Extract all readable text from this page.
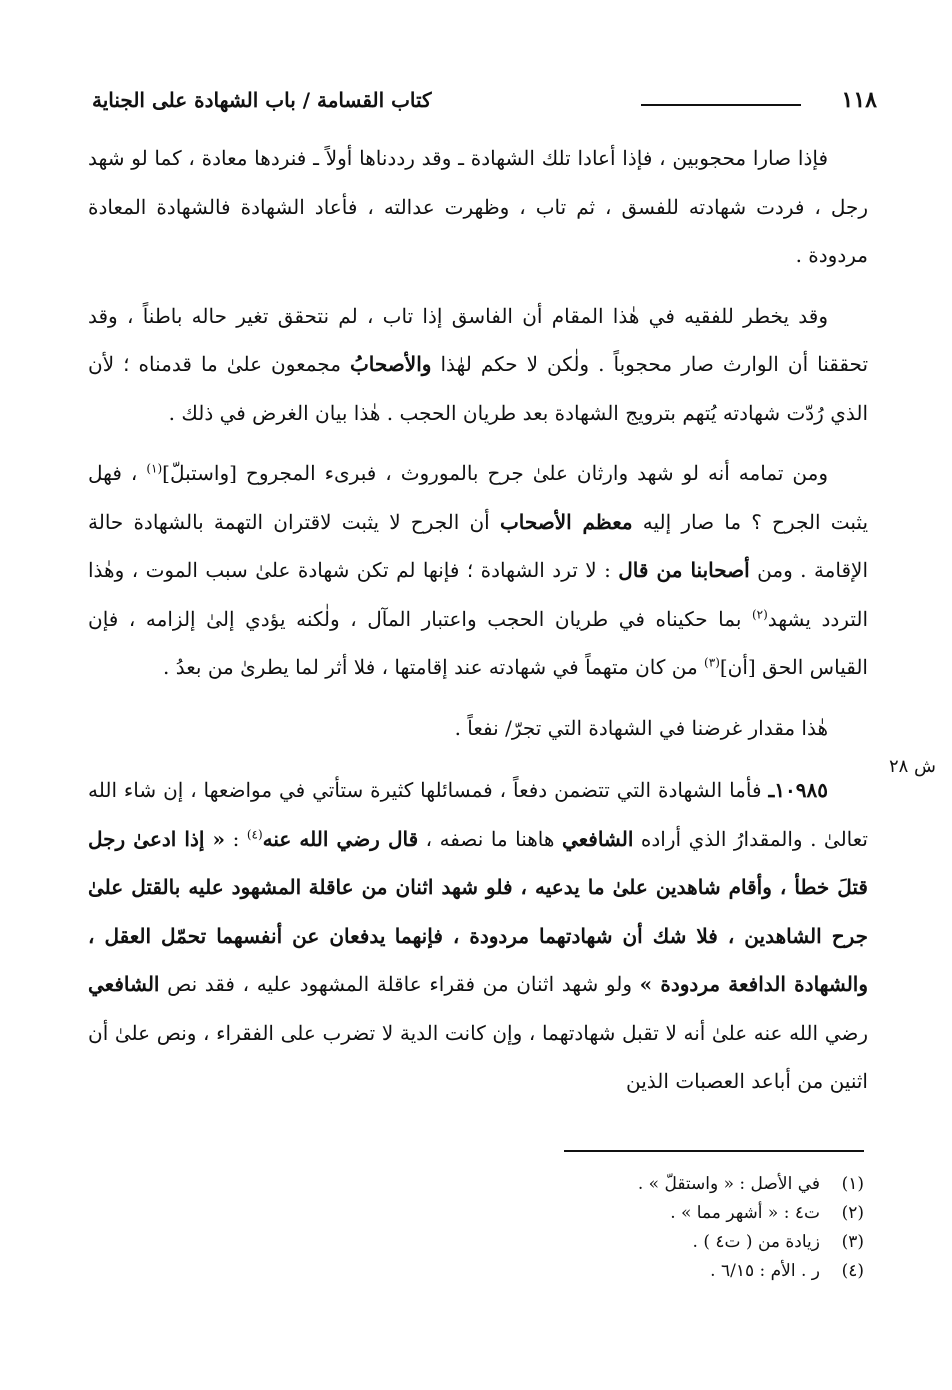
١١٨
كتاب القسامة / باب الشهادة على الجناية

فإذا صارا محجوبين ، فإذا أعادا تلك الشهادة ـ وقد رددناها أولاً ـ فنردها معادة ، كما لو شهد رجل ، فردت شهادته للفسق ، ثم تاب ، وظهرت عدالته ، فأعاد الشهادة فالشهادة المعادة مردودة .

وقد يخطر للفقيه في هٰذا المقام أن الفاسق إذا تاب ، لم نتحقق تغير حاله باطناً ، وقد تحققنا أن الوارث صار محجوباً . ولٰكن لا حكم لهٰذا والأصحابُ مجمعون علىٰ ما قدمناه ؛ لأن الذي رُدّت شهادته يُتهم بترويج الشهادة بعد طريان الحجب . هٰذا بيان الغرض في ذلك .

ومن تمامه أنه لو شهد وارثان علىٰ جرح بالموروث ، فبرىء المجروح [واستبلّ]$^{(١)}$ ، فهل يثبت الجرح ؟ ما صار إليه معظم الأصحاب أن الجرح لا يثبت لاقتران التهمة بالشهادة حالة الإقامة . ومن أصحابنا من قال : لا ترد الشهادة ؛ فإنها لم تكن شهادة علىٰ سبب الموت ، وهٰذا التردد يشهد$^{(٢)}$ بما حكيناه في طريان الحجب واعتبار المآل ، ولٰكنه يؤدي إلىٰ إلزامه ، فإن القياس الحق [أن]$^{(٣)}$ من كان متهماً في شهادته عند إقامتها ، فلا أثر لما يطرىٰ من بعدُ .

هٰذا مقدار غرضنا في الشهادة التي تجرّ/ نفعاً .

١٠٩٨٥ـ فأما الشهادة التي تتضمن دفعاً ، فمسائلها كثيرة ستأتي في مواضعها ، إن شاء الله تعالىٰ . والمقدارُ الذي أراده الشافعي هاهنا ما نصفه ، قال رضي الله عنه$^{(٤)}$ : « إذا ادعىٰ رجل قتلَ خطأ ، وأقام شاهدين علىٰ ما يدعيه ، فلو شهد اثنان من عاقلة المشهود عليه بالقتل علىٰ جرح الشاهدين ، فلا شك أن شهادتهما مردودة ، فإنهما يدفعان عن أنفسهما تحمّل العقل ، والشهادة الدافعة مردودة » ولو شهد اثنان من فقراء عاقلة المشهود عليه ، فقد نص الشافعي رضي الله عنه علىٰ أنه لا تقبل شهادتهما ، وإن كانت الدية لا تضرب على الفقراء ، ونص علىٰ أن اثنين من أباعد العصبات الذين

ش ٢٨
(١)في الأصل : « واستقلّ » .
(٢)ت٤ : « أشهر مما » .
(٣)زيادة من ( ت٤ ) .
(٤)ر . الأم : ٦/١٥ .
